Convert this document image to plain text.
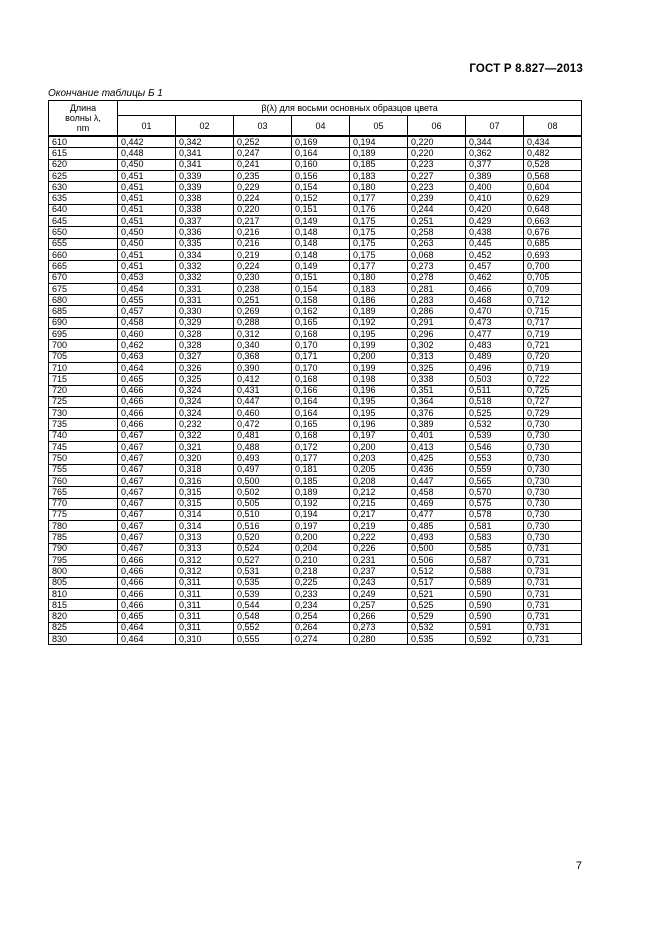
ГОСТ Р 8.827—2013
Окончание таблицы Б 1
Длина
волны λ,
nm	β(λ) для восьми основных образцов цвета							
	01	02	03	04	05	06	07	08
610	0,442	0,342	0,252	0,169	0,194	0,220	0,344	0,434
615	0,448	0,341	0,247	0,164	0,189	0,220	0,362	0,482
620	0,450	0,341	0,241	0,160	0,185	0,223	0,377	0,528
625	0,451	0,339	0,235	0,156	0,183	0,227	0,389	0,568
630	0,451	0,339	0,229	0,154	0,180	0,223	0,400	0,604
635	0,451	0,338	0,224	0,152	0,177	0,239	0,410	0,629
640	0,451	0,338	0,220	0,151	0,176	0,244	0,420	0,648
645	0,451	0,337	0,217	0,149	0,175	0,251	0,429	0,663
650	0,450	0,336	0,216	0,148	0,175	0,258	0,438	0,676
655	0,450	0,335	0,216	0,148	0,175	0,263	0,445	0,685
660	0,451	0,334	0,219	0,148	0,175	0,068	0,452	0,693
665	0,451	0,332	0,224	0,149	0,177	0,273	0,457	0,700
670	0,453	0,332	0,230	0,151	0,180	0,278	0,462	0,705
675	0,454	0,331	0,238	0,154	0,183	0,281	0,466	0,709
680	0,455	0,331	0,251	0,158	0,186	0,283	0,468	0,712
685	0,457	0,330	0,269	0,162	0,189	0,286	0,470	0,715
690	0,458	0,329	0,288	0,165	0,192	0,291	0,473	0,717
695	0,460	0,328	0,312	0,168	0,195	0,296	0,477	0,719
700	0,462	0,328	0,340	0,170	0,199	0,302	0,483	0,721
705	0,463	0,327	0,368	0,171	0,200	0,313	0,489	0,720
710	0,464	0,326	0,390	0,170	0,199	0,325	0,496	0,719
715	0,465	0,325	0,412	0,168	0,198	0,338	0,503	0,722
720	0,466	0,324	0,431	0,166	0,196	0,351	0,511	0,725
725	0,466	0,324	0,447	0,164	0,195	0,364	0,518	0,727
730	0,466	0,324	0,460	0,164	0,195	0,376	0,525	0,729
735	0,466	0,232	0,472	0,165	0,196	0,389	0,532	0,730
740	0,467	0,322	0,481	0,168	0,197	0,401	0,539	0,730
745	0,467	0,321	0,488	0,172	0,200	0,413	0,546	0,730
750	0,467	0,320	0,493	0,177	0,203	0,425	0,553	0,730
755	0,467	0,318	0,497	0,181	0,205	0,436	0,559	0,730
760	0,467	0,316	0,500	0,185	0,208	0,447	0,565	0,730
765	0,467	0,315	0,502	0,189	0,212	0,458	0,570	0,730
770	0,467	0,315	0,505	0,192	0,215	0,469	0,575	0,730
775	0,467	0,314	0,510	0,194	0,217	0,477	0,578	0,730
780	0,467	0,314	0,516	0,197	0,219	0,485	0,581	0,730
785	0,467	0,313	0,520	0,200	0,222	0,493	0,583	0,730
790	0,467	0,313	0,524	0,204	0,226	0,500	0,585	0,731
795	0,466	0,312	0,527	0,210	0,231	0,506	0,587	0,731
800	0,466	0,312	0,531	0,218	0,237	0,512	0,588	0,731
805	0,466	0,311	0,535	0,225	0,243	0,517	0,589	0,731
810	0,466	0,311	0,539	0,233	0,249	0,521	0,590	0,731
815	0,466	0,311	0,544	0,234	0,257	0,525	0,590	0,731
820	0,465	0,311	0,548	0,254	0,266	0,529	0,590	0,731
825	0,464	0,311	0,552	0,264	0,273	0,532	0,591	0,731
830	0,464	0,310	0,555	0,274	0,280	0,535	0,592	0,731
7
